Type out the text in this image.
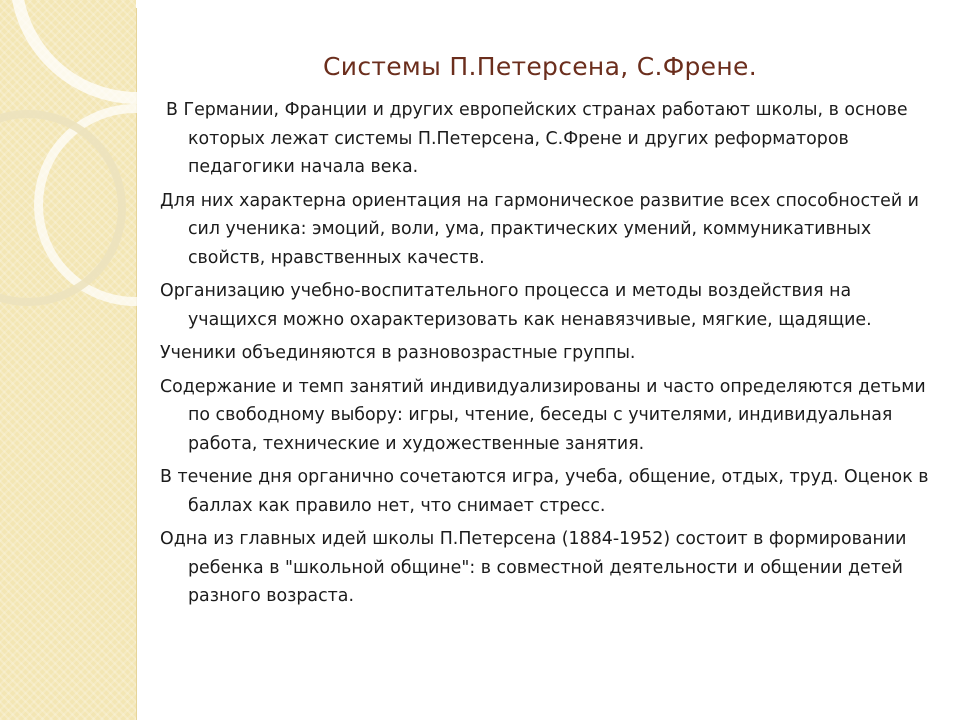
Системы П.Петерсена, С.Френе.
В Германии, Франции и других европейских странах работают школы, в основе которых лежат системы П.Петерсена, С.Френе и других реформаторов педагогики начала века.
Для них характерна ориентация на гармоническое развитие всех способностей и сил ученика: эмоций, воли, ума, практических умений, коммуникативных свойств, нравственных качеств.
Организацию учебно-воспитательного процесса и методы воздействия на учащихся можно охарактеризовать как ненавязчивые, мягкие, щадящие.
Ученики объединяются в разновозрастные группы.
Содержание и темп занятий индивидуализированы и часто определяются детьми по свободному выбору: игры, чтение, беседы с учителями, индивидуальная работа, технические и художественные занятия.
В течение дня органично сочетаются игра, учеба, общение, отдых, труд. Оценок в баллах как правило нет, что снимает стресс.
Одна из главных идей школы П.Петерсена (1884-1952) состоит в формировании ребенка в "школьной общине": в совместной деятельности и общении детей разного возраста.
